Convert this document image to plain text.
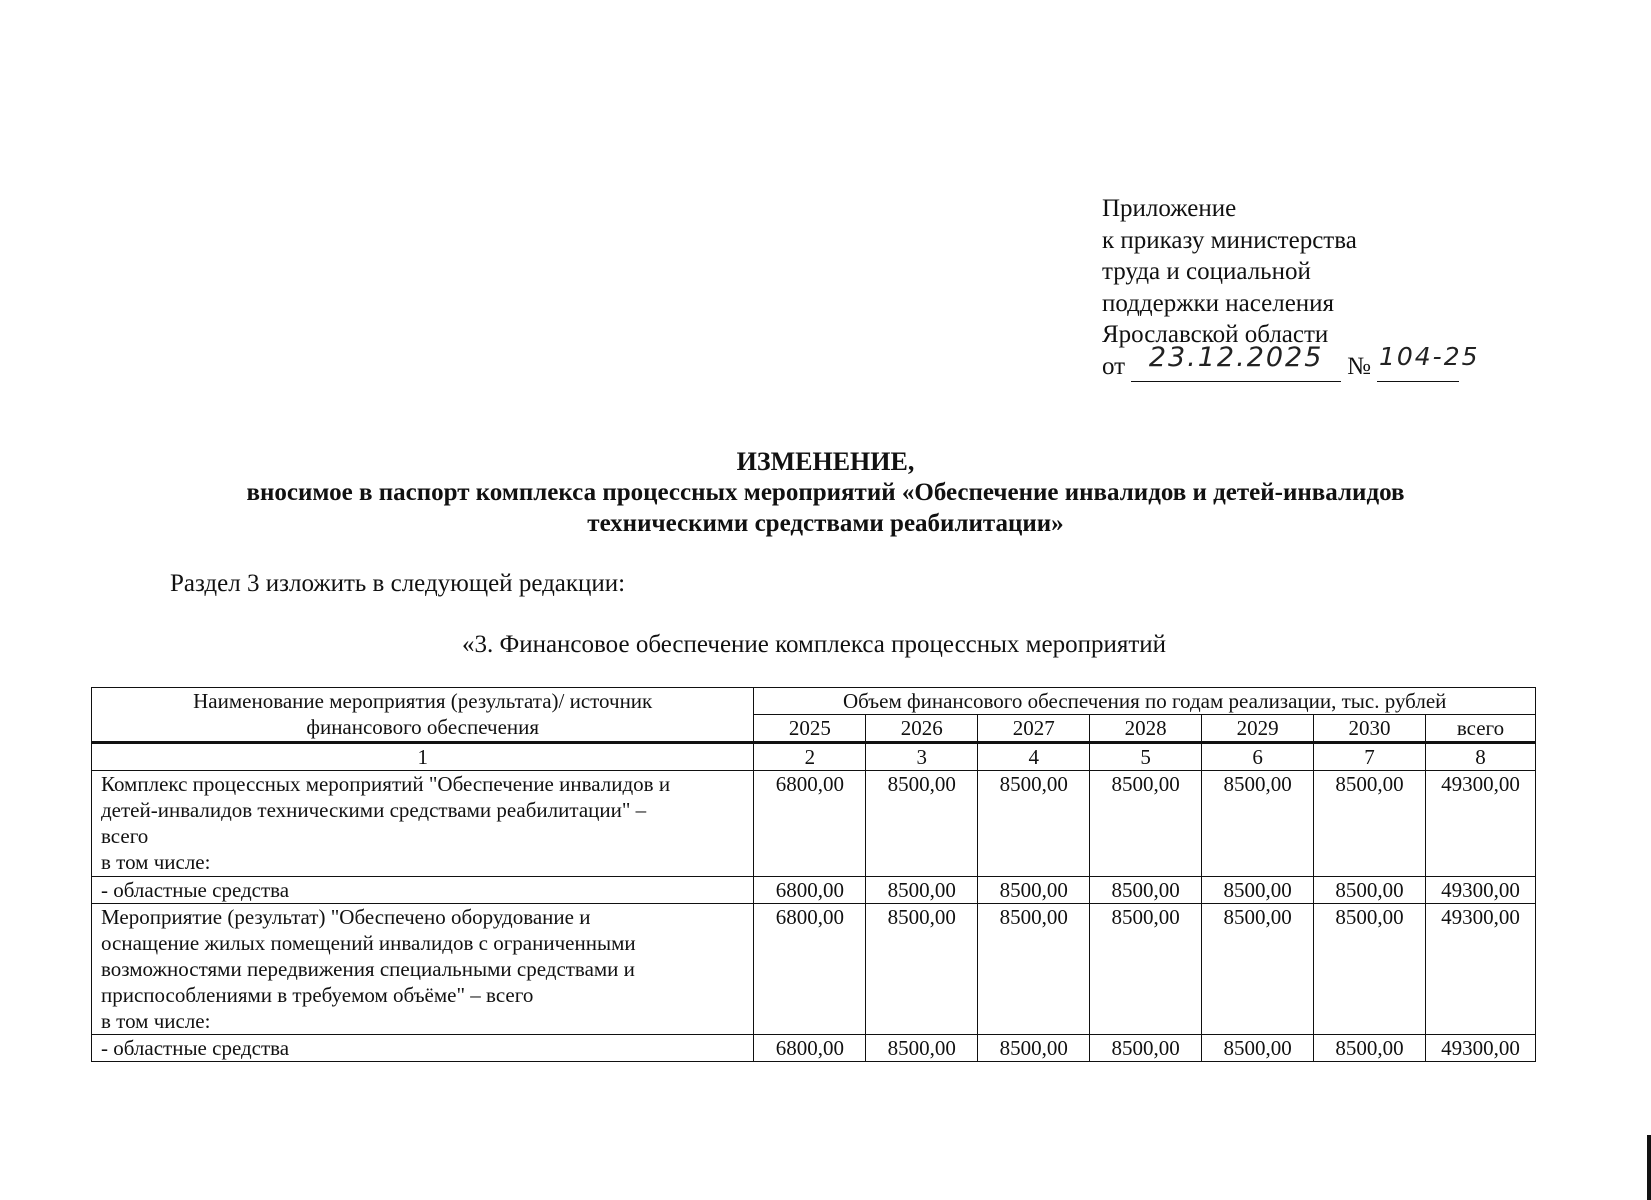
Приложение
к приказу министерства
труда и социальной
поддержки населения
Ярославской области
от 23.12.2025 № 104-25
ИЗМЕНЕНИЕ,
вносимое в паспорт комплекса процессных мероприятий «Обеспечение инвалидов и детей-инвалидов
техническими средствами реабилитации»
Раздел 3 изложить в следующей редакции:
«3. Финансовое обеспечение комплекса процессных мероприятий
Наименование мероприятия (результата)/ источник финансового обеспечения	Объем финансового обеспечения по годам реализации, тыс. рублей						
	2025	2026	2027	2028	2029	2030	всего
1	2	3	4	5	6	7	8

Комплекс процессных мероприятий "Обеспечение инвалидов и
детей-инвалидов техническими средствами реабилитации" –
всего
в том числе:	6800,00	8500,00	8500,00	8500,00	8500,00	8500,00	49300,00

- областные средства	6800,00	8500,00	8500,00	8500,00	8500,00	8500,00	49300,00

Мероприятие (результат) "Обеспечено оборудование и
оснащение жилых помещений инвалидов с ограниченными
возможностями передвижения специальными средствами и
приспособлениями в требуемом объёме" – всего
в том числе:	6800,00	8500,00	8500,00	8500,00	8500,00	8500,00	49300,00

- областные средства	6800,00	8500,00	8500,00	8500,00	8500,00	8500,00	49300,00
